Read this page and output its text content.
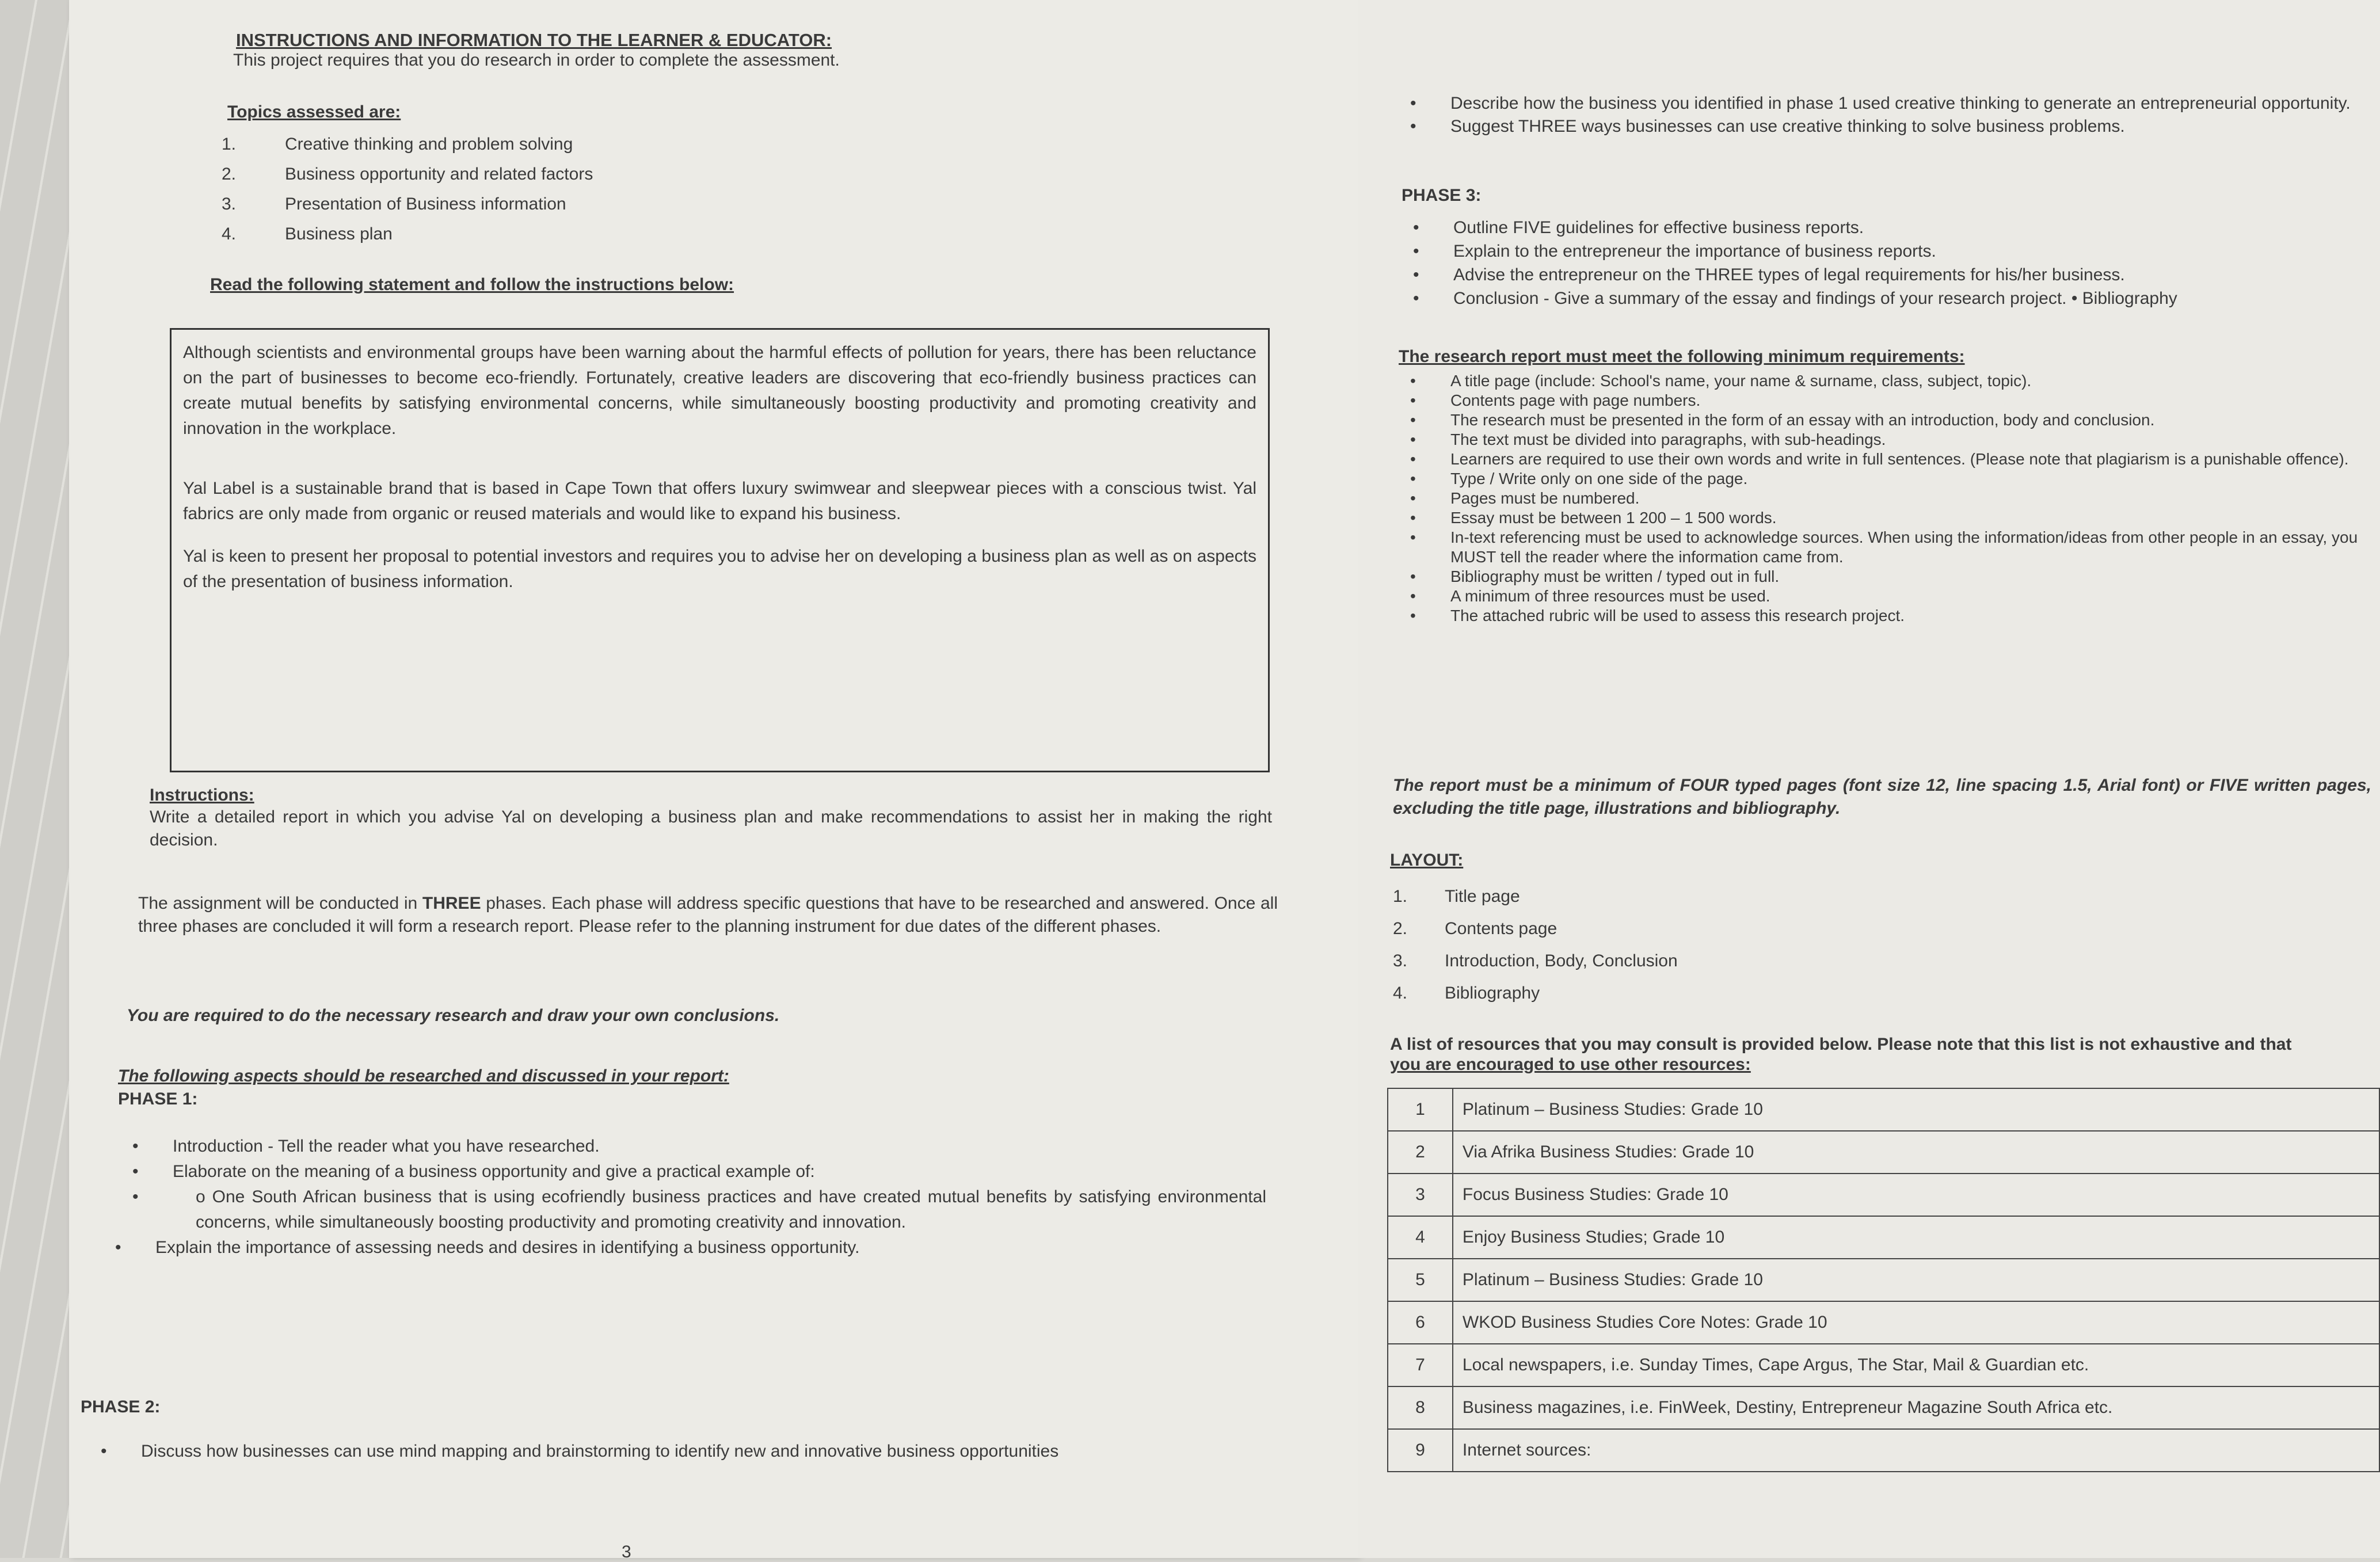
INSTRUCTIONS AND INFORMATION TO THE LEARNER & EDUCATOR:
This project requires that you do research in order to complete the assessment.
Topics assessed are:
1.	Creative thinking and problem solving
2.	Business opportunity and related factors
3.	Presentation of Business information
4.	Business plan
Read the following statement and follow the instructions below:

Although scientists and environmental groups have been warning about the harmful effects of pollution for years, there has been reluctance on the part of businesses to become eco-friendly. Fortunately, creative leaders are discovering that eco-friendly business practices can create mutual benefits by satisfying environmental concerns, while simultaneously boosting productivity and promoting creativity and innovation in the workplace.

Yal Label is a sustainable brand that is based in Cape Town that offers luxury swimwear and sleepwear pieces with a conscious twist. Yal fabrics are only made from organic or reused materials and would like to expand his business.

Yal is keen to present her proposal to potential investors and requires you to advise her on developing a business plan as well as on aspects of the presentation of business information.

Instructions:
Write a detailed report in which you advise Yal on developing a business plan and make recommendations to assist her in making the right decision.
The assignment will be conducted in THREE phases. Each phase will address specific questions that have to be researched and answered. Once all three phases are concluded it will form a research report. Please refer to the planning instrument for due dates of the different phases.
You are required to do the necessary research and draw your own conclusions.
The following aspects should be researched and discussed in your report:
PHASE 1:
• Introduction - Tell the reader what you have researched.
• Elaborate on the meaning of a business opportunity and give a practical example of:
• o One South African business that is using ecofriendly business practices and have created mutual benefits by satisfying environmental concerns, while simultaneously boosting productivity and promoting creativity and innovation.
• Explain the importance of assessing needs and desires in identifying a business opportunity.
PHASE 2:
• Discuss how businesses can use mind mapping and brainstorming to identify new and innovative business opportunities
3
• Describe how the business you identified in phase 1 used creative thinking to generate an entrepreneurial opportunity.
• Suggest THREE ways businesses can use creative thinking to solve business problems.
PHASE 3:
• Outline FIVE guidelines for effective business reports.
• Explain to the entrepreneur the importance of business reports.
• Advise the entrepreneur on the THREE types of legal requirements for his/her business.
• Conclusion - Give a summary of the essay and findings of your research project. • Bibliography
The research report must meet the following minimum requirements:
• A title page (include: School's name, your name & surname, class, subject, topic).
• Contents page with page numbers.
• The research must be presented in the form of an essay with an introduction, body and conclusion.
• The text must be divided into paragraphs, with sub-headings.
• Learners are required to use their own words and write in full sentences. (Please note that plagiarism is a punishable offence).
• Type / Write only on one side of the page.
• Pages must be numbered.
• Essay must be between 1 200 – 1 500 words.
• In-text referencing must be used to acknowledge sources. When using the information/ideas from other people in an essay, you MUST tell the reader where the information came from.
• Bibliography must be written / typed out in full.
• A minimum of three resources must be used.
• The attached rubric will be used to assess this research project.
The report must be a minimum of FOUR typed pages (font size 12, line spacing 1.5, Arial font) or FIVE written pages, excluding the title page, illustrations and bibliography.
LAYOUT:
1. Title page
2. Contents page
3. Introduction, Body, Conclusion
4. Bibliography
A list of resources that you may consult is provided below. Please note that this list is not exhaustive and that
you are encouraged to use other resources:
1	Platinum – Business Studies: Grade 10
2	Via Afrika Business Studies: Grade 10
3	Focus Business Studies: Grade 10
4	Enjoy Business Studies; Grade 10
5	Platinum – Business Studies: Grade 10
6	WKOD Business Studies Core Notes: Grade 10
7	Local newspapers, i.e. Sunday Times, Cape Argus, The Star, Mail & Guardian etc.
8	Business magazines, i.e. FinWeek, Destiny, Entrepreneur Magazine South Africa etc.
9	Internet sources:
